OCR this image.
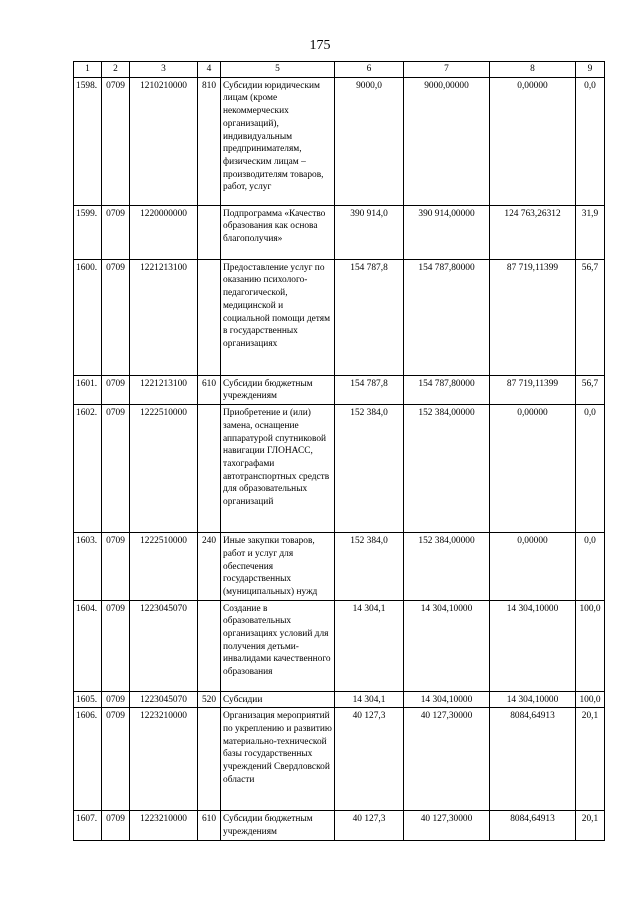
175
1	2	3	4	5	6	7	8	9
1598.	0709	1210210000	810	Субсидии юридическим лицам (кроме некоммерческих организаций), индивидуальным предпринимателям, физическим лицам – производителям товаров, работ, услуг	9000,0	9000,00000	0,00000	0,0
1599.	0709	1220000000		Подпрограмма «Качество образования как основа благополучия»	390 914,0	390 914,00000	124 763,26312	31,9
1600.	0709	1221213100		Предоставление услуг по оказанию психолого-педагогической, медицинской и социальной помощи детям в государственных организациях	154 787,8	154 787,80000	87 719,11399	56,7
1601.	0709	1221213100	610	Субсидии бюджетным учреждениям	154 787,8	154 787,80000	87 719,11399	56,7
1602.	0709	1222510000		Приобретение и (или) замена, оснащение аппаратурой спутниковой навигации ГЛОНАСС, тахографами автотранспортных средств для образовательных организаций	152 384,0	152 384,00000	0,00000	0,0
1603.	0709	1222510000	240	Иные закупки товаров, работ и услуг для обеспечения государственных (муниципальных) нужд	152 384,0	152 384,00000	0,00000	0,0
1604.	0709	1223045070		Создание в образовательных организациях условий для получения детьми-инвалидами качественного образования	14 304,1	14 304,10000	14 304,10000	100,0
1605.	0709	1223045070	520	Субсидии	14 304,1	14 304,10000	14 304,10000	100,0
1606.	0709	1223210000		Организация мероприятий по укреплению и развитию материально-технической базы государственных учреждений Свердловской области	40 127,3	40 127,30000	8084,64913	20,1
1607.	0709	1223210000	610	Субсидии бюджетным учреждениям	40 127,3	40 127,30000	8084,64913	20,1
